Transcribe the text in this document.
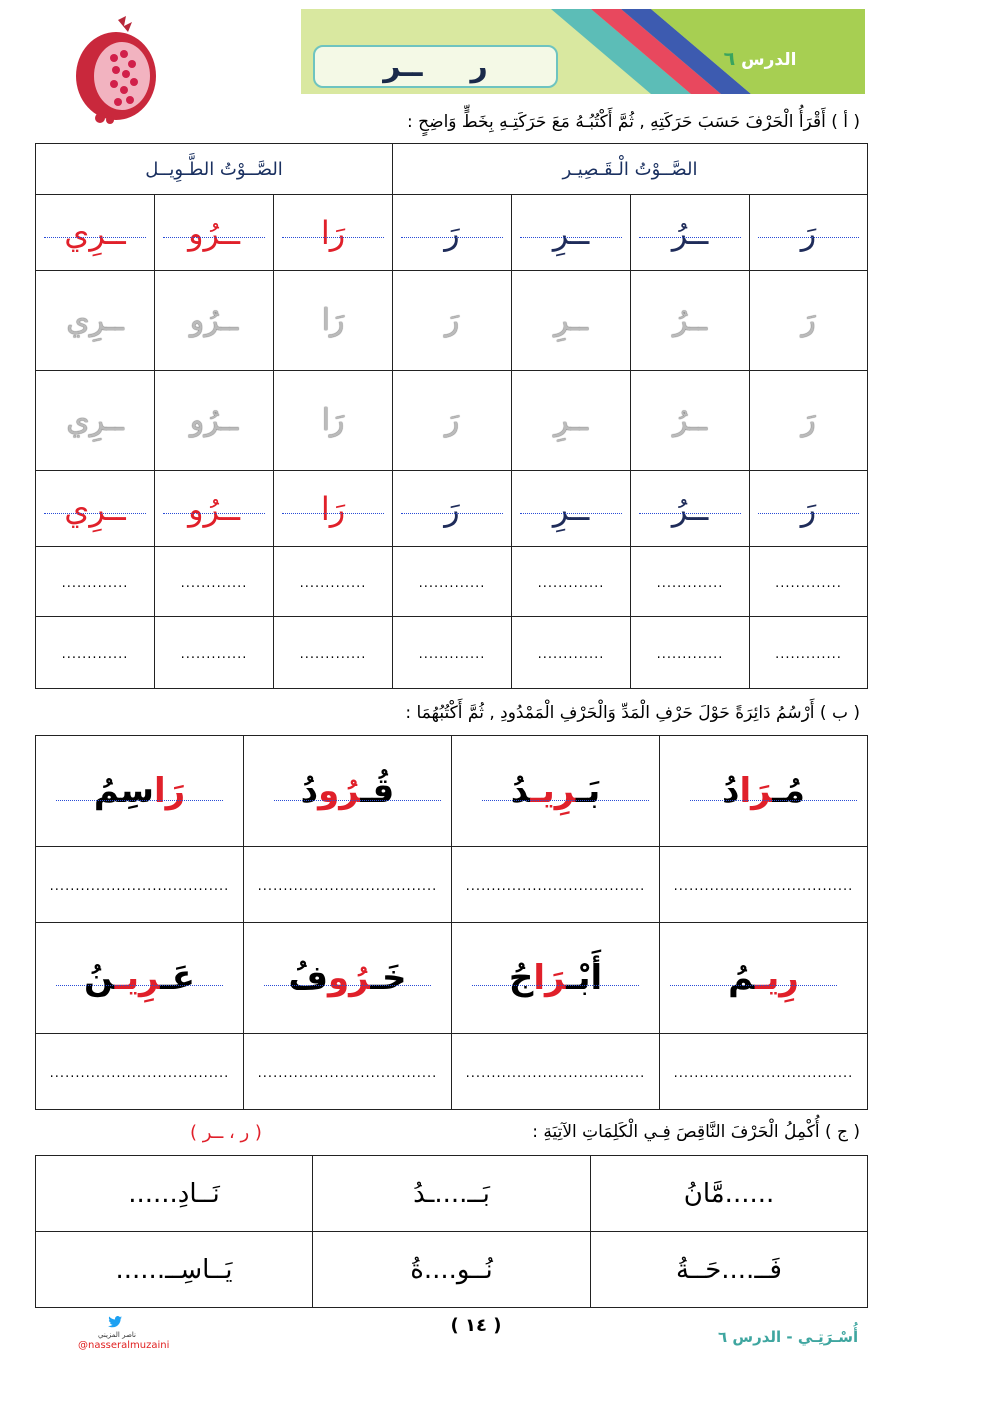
ر
ــر	الدرس ٦
( أ ) أَقْرَأُ الْحَرْفَ حَسَبَ حَرَكَتِهِ , ثُمَّ أَكْتُبُـهُ مَعَ حَرَكَتِـهِ بِخَطٍّ وَاضِحٍ :
الصَّــوْتُ الْـقَـصِيـر				الصَّــوْتُ الطَّـوِيــل		
رَ	ــرُ	ــرِ	رَ	رَا	ــرُو	ــرِي

رَ	ــرُ	ــرِ	رَ	رَا	ــرُو	ــرِي
رَ	ــرُ	ــرِ	رَ	رَا	ــرُو	ــرِي
رَ	ــرُ	ــرِ	رَ	رَا	ــرُو	ــرِي

.............	.............	.............	.............	.............	.............	.............
.............	.............	.............	.............	.............	.............	.............
( ب ) أَرْسُمُ دَائِرَةً حَوْلَ حَرْفِ الْمَدِّ وَالْحَرْفِ الْمَمْدُودِ , ثُمَّ أَكْتُبُهُمَا :
مُـرَادُ	بَـرِيـدُ	قُـرُودُ	رَاسِمُ

...................................	...................................	...................................	...................................
رِيـمُ	أَبْـرَاجُ	خَـرُوفُ	عَـرِيـنُ

...................................	...................................	...................................	...................................
( ج ) أُكْمِلُ الْحَرْفَ النَّاقِصَ فِـي الْكَلِمَاتِ الآتِيَةِ :
( ر ، ــر )
......مَّانُ	بَــ....ـدُ	نَــادِ......
فَــ....حَــةُ	نُــو....ةُ	يَــاسِــ......
( ١٤ )
أُسْـرَتِـي - الدرس ٦
ناصر المزيني
@nasseralmuzaini
